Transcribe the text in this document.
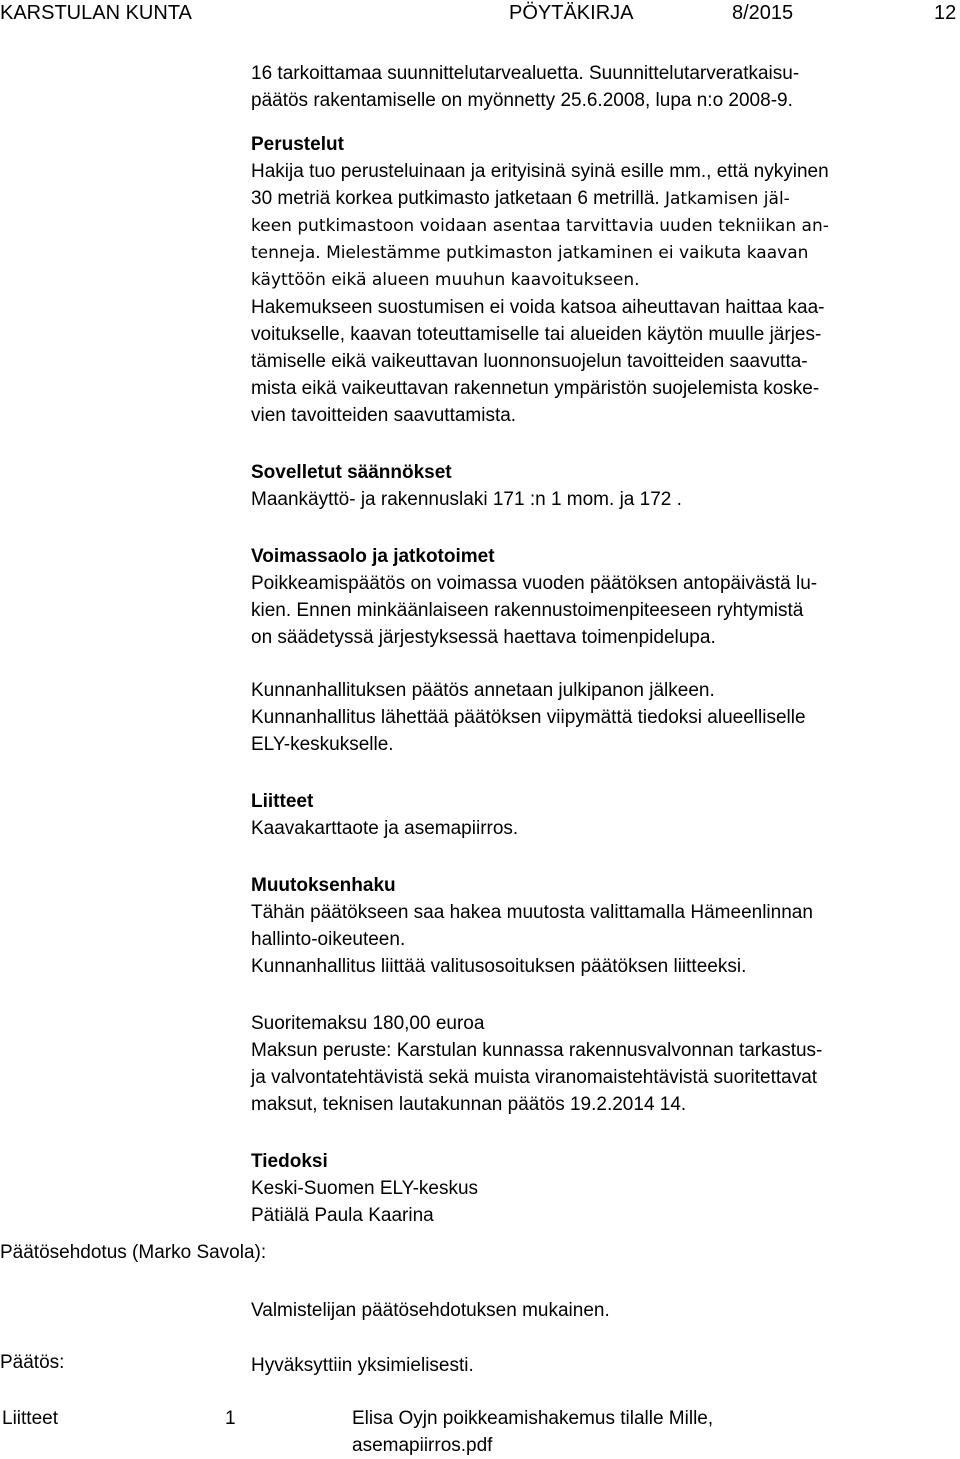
KARSTULAN KUNTA	PÖYTÄKIRJA	8/2015	12

16 tarkoittamaa suunnittelutarvealuetta. Suunnittelutarveratkaisu-

päätös rakentamiselle on myönnetty 25.6.2008, lupa n:o 2008-9.

Perustelut

Hakija tuo perusteluinaan ja erityisinä syinä esille mm., että nykyinen

30 metriä korkea putkimasto jatketaan 6 metrillä. Jatkamisen jäl-

keen putkimastoon voidaan asentaa tarvittavia uuden tekniikan an-

tenneja. Mielestämme putkimaston jatkaminen ei vaikuta kaavan

käyttöön eikä alueen muuhun kaavoitukseen.

Hakemukseen suostumisen ei voida katsoa aiheuttavan haittaa kaa-

voitukselle, kaavan toteuttamiselle tai alueiden käytön muulle järjes-

tämiselle eikä vaikeuttavan luonnonsuojelun tavoitteiden saavutta-

mista eikä vaikeuttavan rakennetun ympäristön suojelemista koske-

vien tavoitteiden saavuttamista.

Sovelletut säännökset

Maankäyttö- ja rakennuslaki 171 :n 1 mom. ja 172 .

Voimassaolo ja jatkotoimet

Poikkeamispäätös on voimassa vuoden päätöksen antopäivästä lu-

kien. Ennen minkäänlaiseen rakennustoimenpiteeseen ryhtymistä

on säädetyssä järjestyksessä haettava toimenpidelupa.

Kunnanhallituksen päätös annetaan julkipanon jälkeen.

Kunnanhallitus lähettää päätöksen viipymättä tiedoksi alueelliselle

ELY-keskukselle.

Liitteet

Kaavakarttaote ja asemapiirros.

Muutoksenhaku

Tähän päätökseen saa hakea muutosta valittamalla Hämeenlinnan

hallinto-oikeuteen.

Kunnanhallitus liittää valitusosoituksen päätöksen liitteeksi.

Suoritemaksu 180,00 euroa

Maksun peruste: Karstulan kunnassa rakennusvalvonnan tarkastus-

ja valvontatehtävistä sekä muista viranomaistehtävistä suoritettavat

maksut, teknisen lautakunnan päätös 19.2.2014 14.

Tiedoksi

Keski-Suomen ELY-keskus

Pätiälä Paula Kaarina

Päätösehdotus (Marko Savola):
Valmistelijan päätösehdotuksen mukainen.
Päätös:	Hyväksyttiin yksimielisesti.
Liitteet	1	Elisa Oyjn poikkeamishakemus tilalle Mille,
asemapiirros.pdf
